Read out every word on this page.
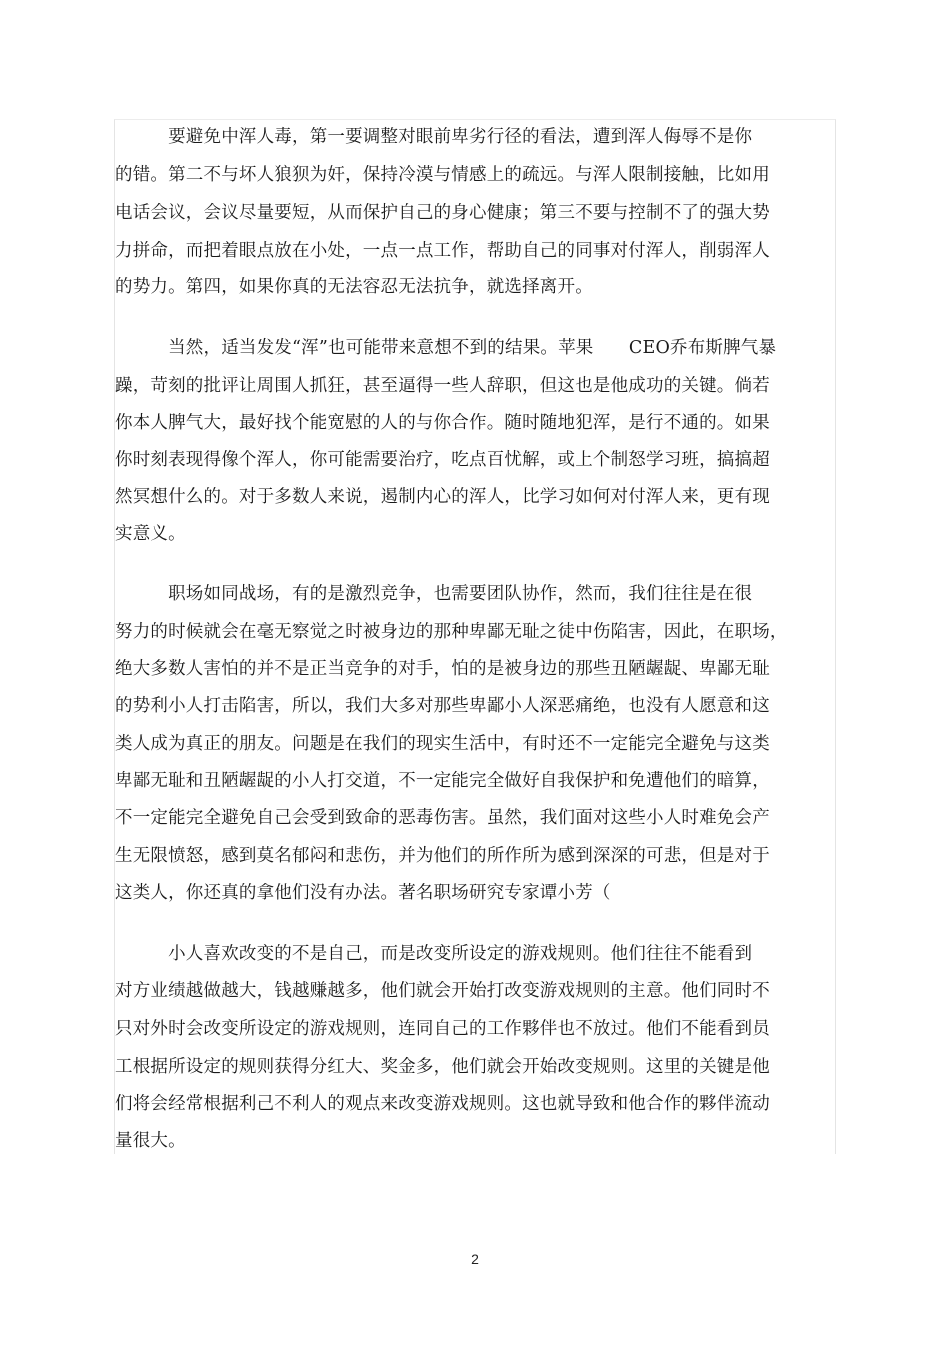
　　　要避免中浑人毒，第一要调整对眼前卑劣行径的看法，遭到浑人侮辱不是你
的错。第二不与坏人狼狈为奸，保持冷漠与情感上的疏远。与浑人限制接触，比如用
电话会议，会议尽量要短，从而保护自己的身心健康；第三不要与控制不了的强大势
力拼命，而把着眼点放在小处，一点一点工作，帮助自己的同事对付浑人，削弱浑人
的势力。第四，如果你真的无法容忍无法抗争，就选择离开。
　　　当然，适当发发“浑”也可能带来意想不到的结果。苹果　　CEO乔布斯脾气暴
躁，苛刻的批评让周围人抓狂，甚至逼得一些人辞职，但这也是他成功的关键。倘若
你本人脾气大，最好找个能宽慰的人的与你合作。随时随地犯浑，是行不通的。如果
你时刻表现得像个浑人，你可能需要治疗，吃点百忧解，或上个制怒学习班，搞搞超
然冥想什么的。对于多数人来说，遏制内心的浑人，比学习如何对付浑人来，更有现
实意义。
　　　职场如同战场，有的是激烈竞争，也需要团队协作，然而，我们往往是在很
努力的时候就会在毫无察觉之时被身边的那种卑鄙无耻之徒中伤陷害，因此，在职场，
绝大多数人害怕的并不是正当竞争的对手，怕的是被身边的那些丑陋龌龊、卑鄙无耻
的势利小人打击陷害，所以，我们大多对那些卑鄙小人深恶痛绝，也没有人愿意和这
类人成为真正的朋友。问题是在我们的现实生活中，有时还不一定能完全避免与这类
卑鄙无耻和丑陋龌龊的小人打交道，不一定能完全做好自我保护和免遭他们的暗算，
不一定能完全避免自己会受到致命的恶毒伤害。虽然，我们面对这些小人时难免会产
生无限愤怒，感到莫名郁闷和悲伤，并为他们的所作所为感到深深的可悲，但是对于
这类人，你还真的拿他们没有办法。著名职场研究专家谭小芳（
　　　小人喜欢改变的不是自己，而是改变所设定的游戏规则。他们往往不能看到
对方业绩越做越大，钱越赚越多，他们就会开始打改变游戏规则的主意。他们同时不
只对外时会改变所设定的游戏规则，连同自己的工作夥伴也不放过。他们不能看到员
工根据所设定的规则获得分红大、奖金多，他们就会开始改变规则。这里的关键是他
们将会经常根据利己不利人的观点来改变游戏规则。这也就导致和他合作的夥伴流动
量很大。
2
